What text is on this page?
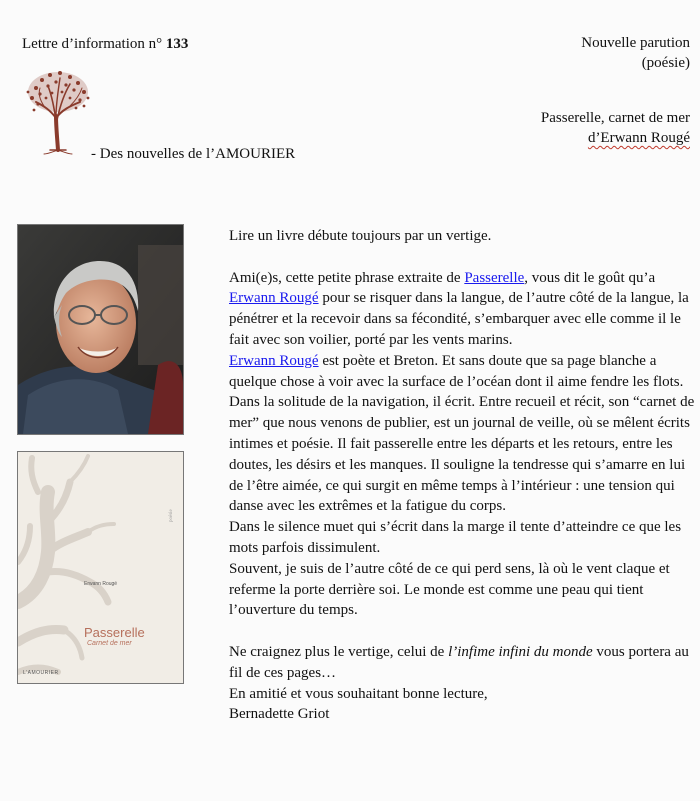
Lettre d’information n° 133	Nouvelle parution
(poésie)
- Des nouvelles de l’AMOURIER
Passerelle, carnet de mer
d’Erwann Rougé
poésie
Erwann Rougé
Passerelle
Carnet de mer
L’AMOURIER

Lire un livre débute toujours par un vertige.

Ami(e)s, cette petite phrase extraite de Passerelle, vous dit le goût qu’a Erwann Rougé pour se risquer dans la langue, de l’autre côté de la langue, la pénétrer et la recevoir dans sa fécondité, s’embarquer avec elle comme il le fait avec son voilier, porté par les vents marins.

Erwann Rougé est poète et Breton. Et sans doute que sa page blanche a quelque chose à voir avec la surface de l’océan dont il aime fendre les flots. Dans la solitude de la navigation, il écrit. Entre recueil et récit, son “carnet de mer” que nous venons de publier, est un journal de veille, où se mêlent écrits intimes et poésie. Il fait passerelle entre les départs et les retours, entre les doutes, les désirs et les manques. Il souligne la tendresse qui s’amarre en lui de l’être aimée, ce qui surgit en même temps à l’intérieur : une tension qui danse avec les extrêmes et la fatigue du corps.

Dans le silence muet qui s’écrit dans la marge il tente d’atteindre ce que les mots parfois dissimulent.

Souvent, je suis de l’autre côté de ce qui perd sens, là où le vent claque et referme la porte derrière soi. Le monde est comme une peau qui tient l’ouverture du temps.

Ne craignez plus le vertige, celui de l’infime infini du monde vous portera au fil de ces pages…

En amitié et vous souhaitant bonne lecture,

Bernadette Griot
